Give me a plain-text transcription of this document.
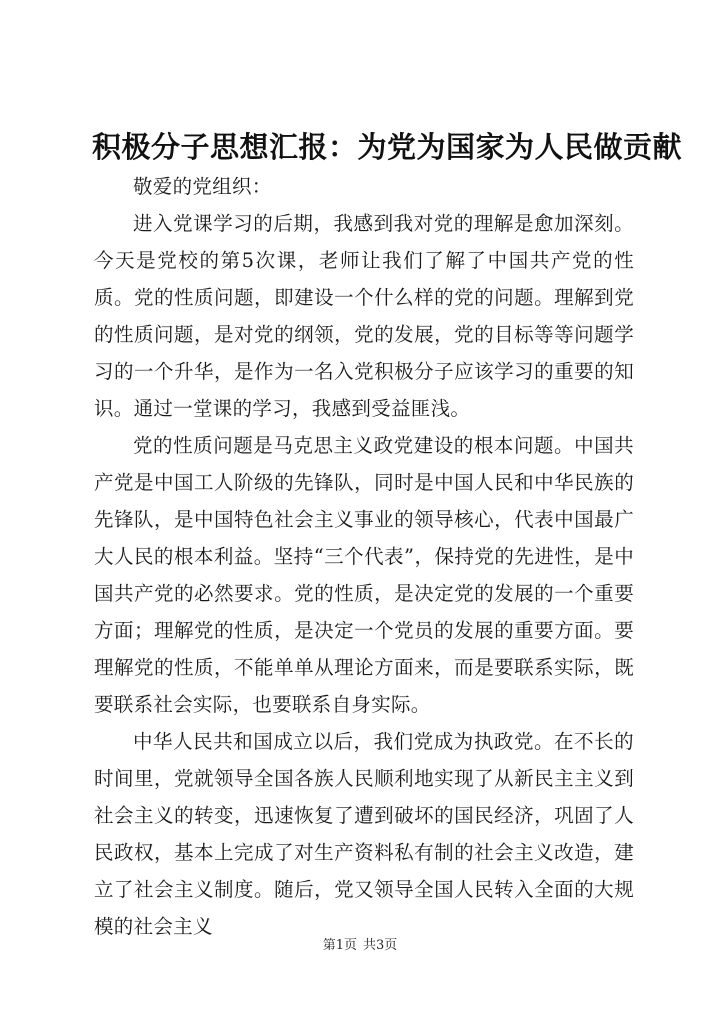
积极分子思想汇报：为党为国家为人民做贡献

敬爱的党组织：

进入党课学习的后期，我感到我对党的理解是愈加深刻。今天是党校的第5次课，老师让我们了解了中国共产党的性质。党的性质问题，即建设一个什么样的党的问题。理解到党的性质问题，是对党的纲领，党的发展，党的目标等等问题学习的一个升华，是作为一名入党积极分子应该学习的重要的知识。通过一堂课的学习，我感到受益匪浅。

党的性质问题是马克思主义政党建设的根本问题。中国共产党是中国工人阶级的先锋队，同时是中国人民和中华民族的先锋队，是中国特色社会主义事业的领导核心，代表中国最广大人民的根本利益。坚持“三个代表”，保持党的先进性，是中国共产党的必然要求。党的性质，是决定党的发展的一个重要方面；理解党的性质，是决定一个党员的发展的重要方面。要理解党的性质，不能单单从理论方面来，而是要联系实际，既要联系社会实际，也要联系自身实际。

中华人民共和国成立以后，我们党成为执政党。在不长的时间里，党就领导全国各族人民顺利地实现了从新民主主义到社会主义的转变，迅速恢复了遭到破坏的国民经济，巩固了人民政权，基本上完成了对生产资料私有制的社会主义改造，建立了社会主义制度。随后，党又领导全国人民转入全面的大规模的社会主义

第1页 共3页
